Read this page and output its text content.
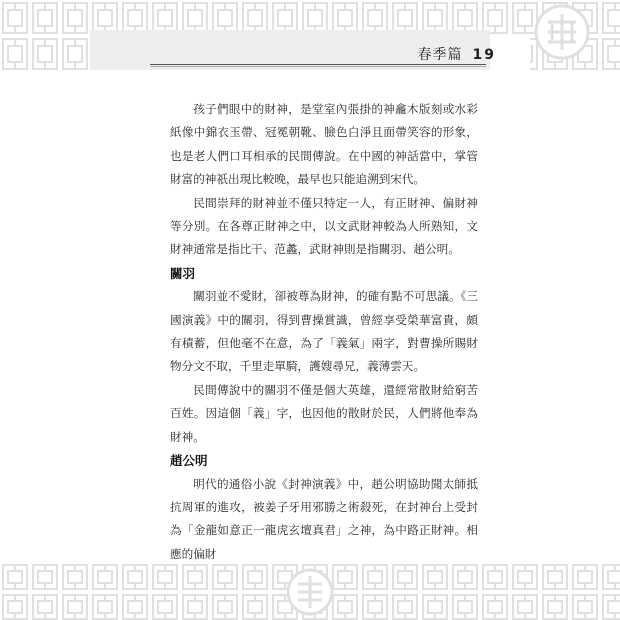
春季篇 19

孩子們眼中的財神，是堂室內張掛的神龕木版刻或水彩紙像中錦衣玉帶、冠冕朝靴、臉色白淨且面帶笑容的形象，也是老人們口耳相承的民間傳說。在中國的神話當中，掌管財富的神祇出現比較晚，最早也只能追溯到宋代。

民間崇拜的財神並不僅只特定一人，有正財神、偏財神等分別。在各尊正財神之中，以文武財神較為人所熟知，文財神通常是指比干、范蠡，武財神則是指關羽、趙公明。

關羽

關羽並不愛財，卻被尊為財神，的確有點不可思議。《三國演義》中的關羽，得到曹操賞識，曾經享受榮華富貴，頗有積蓄，但他毫不在意，為了「義氣」兩字，對曹操所賜財物分文不取，千里走單騎，護嫂尋兄，義薄雲天。

民間傳說中的關羽不僅是個大英雄，還經常散財給窮苦百姓。因這個「義」字，也因他的散財於民，人們將他奉為財神。

趙公明

明代的通俗小說《封神演義》中，趙公明協助聞太師抵抗周軍的進攻，被姜子牙用邪勝之術殺死，在封神台上受封為「金龍如意正一龍虎玄壇真君」之神，為中路正財神。相應的偏財
